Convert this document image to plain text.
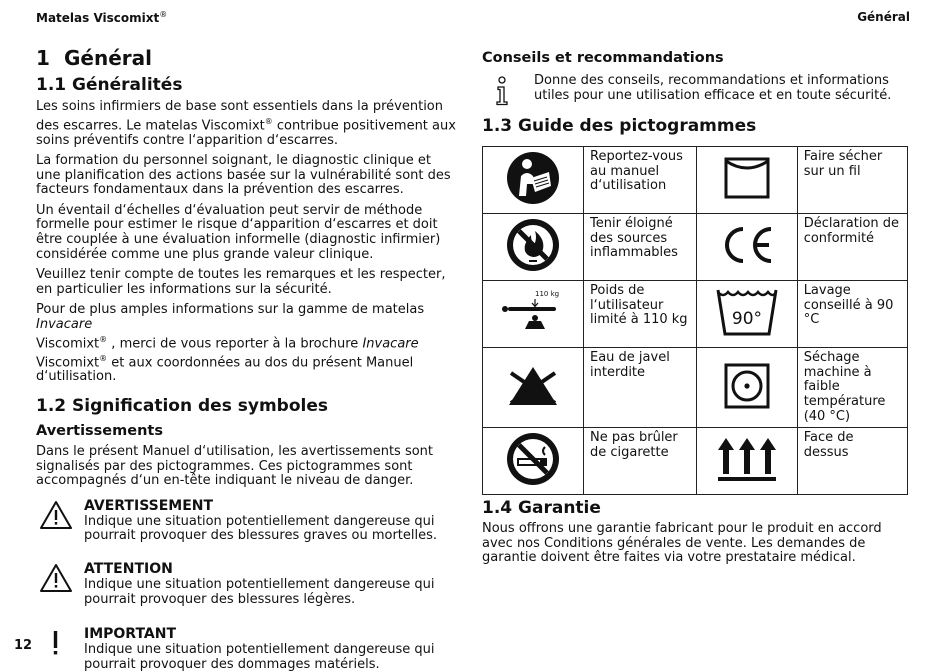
Matelas Viscomixt®	Général
1 Général
1.1 Généralités

Les soins infirmiers de base sont essentiels dans la prévention des escarres. Le matelas Viscomixt® contribue positivement aux soins préventifs contre l‘apparition d‘escarres.

La formation du personnel soignant, le diagnostic clinique et une planification des actions basée sur la vulnérabilité sont des facteurs fondamentaux dans la prévention des escarres.

Un éventail d‘échelles d‘évaluation peut servir de méthode formelle pour estimer le risque d‘apparition d‘escarres et doit être couplée à une évaluation informelle (diagnostic infirmier) considérée comme une plus grande valeur clinique.

Veuillez tenir compte de toutes les remarques et les respecter, en particulier les informations sur la sécurité.

Pour de plus amples informations sur la gamme de matelas Invacare
Viscomixt® , merci de vous reporter à la brochure Invacare
Viscomixt® et aux coordonnées au dos du présent Manuel d‘utilisation.

1.2 Signification des symboles
Avertissements

Dans le présent Manuel d‘utilisation, les avertissements sont signalisés par des pictogrammes. Ces pictogrammes sont accompagnés d‘un en-tête indiquant le niveau de danger.

AVERTISSEMENT

Indique une situation potentiellement dangereuse qui pourrait provoquer des blessures graves ou mortelles.

ATTENTION

Indique une situation potentiellement dangereuse qui pourrait provoquer des blessures légères.

IMPORTANT

Indique une situation potentiellement dangereuse qui pourrait provoquer des dommages matériels.

Conseils et recommandations

Donne des conseils, recommandations et informations utiles pour une utilisation efficace et en toute sécurité.

1.3 Guide des pictogrammes
	Reportez-vous au manuel d‘utilisation		Faire sécher sur un fil
	Tenir éloigné des sources inflammables		Déclaration de conformité

110 kg	Poids de l‘utilisateur limité à 110 kg	90°	Lavage conseillé à 90 °C
	Eau de javel interdite		Séchage machine à faible température (40 °C)
	Ne pas brûler de cigarette		Face de dessus
1.4 Garantie

Nous offrons une garantie fabricant pour le produit en accord avec nos Conditions générales de vente. Les demandes de garantie doivent être faites via votre prestataire médical.

12
